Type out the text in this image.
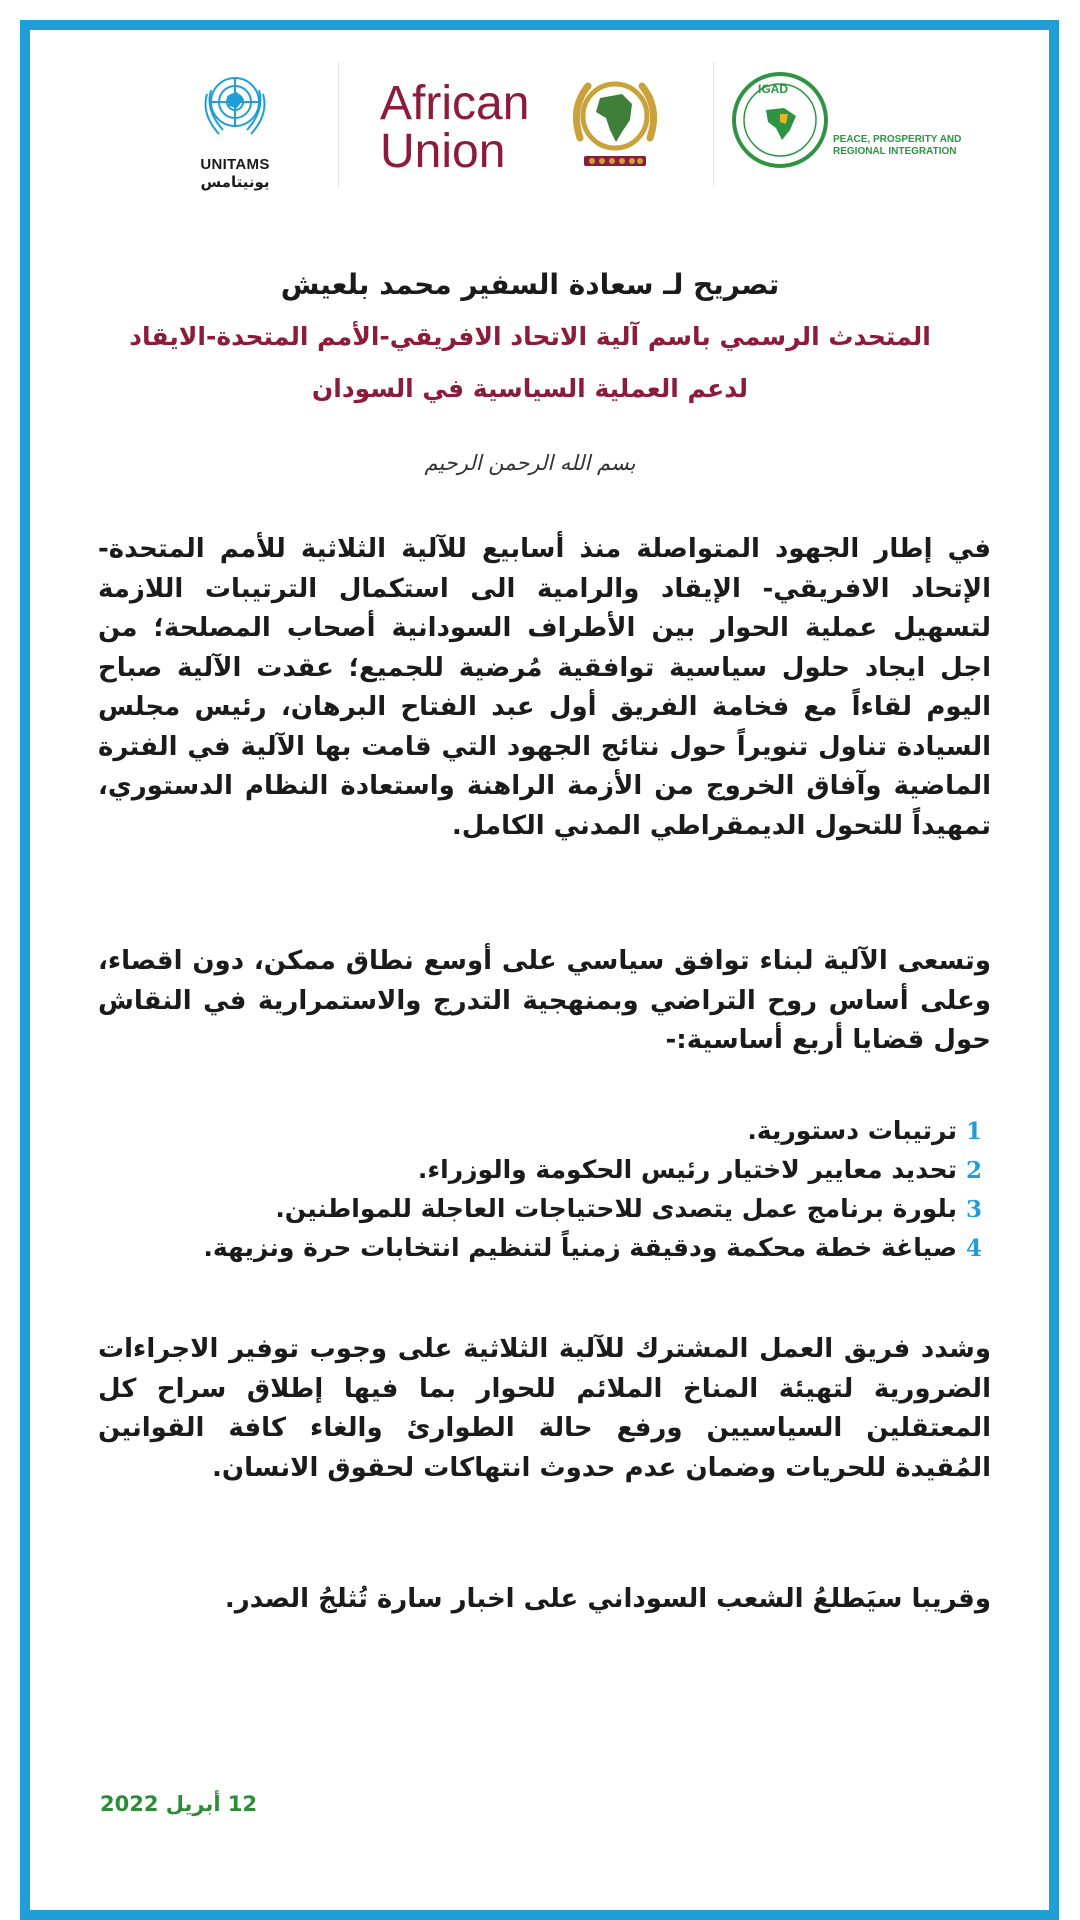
UNITAMS
يونيتامس
African
Union
IGAD
PEACE, PROSPERITY AND
REGIONAL INTEGRATION
تصريح لـ سعادة السفير محمد بلعيش
المتحدث الرسمي باسم آلية الاتحاد الافريقي-الأمم المتحدة-الايقاد
لدعم العملية السياسية في السودان
بسم الله الرحمن الرحيم
في إطار الجهود المتواصلة منذ أسابيع للآلية الثلاثية للأمم المتحدة-الإتحاد الافريقي- الإيقاد والرامية الى استكمال الترتيبات اللازمة لتسهيل عملية الحوار بين الأطراف السودانية أصحاب المصلحة؛ من اجل ايجاد حلول سياسية توافقية مُرضية للجميع؛ عقدت الآلية صباح اليوم لقاءاً مع فخامة الفريق أول عبد الفتاح البرهان، رئيس مجلس السيادة تناول تنويراً حول نتائج الجهود التي قامت بها الآلية في الفترة الماضية وآفاق الخروج من الأزمة الراهنة واستعادة النظام الدستوري، تمهيداً للتحول الديمقراطي المدني الكامل.
وتسعى الآلية لبناء توافق سياسي على أوسع نطاق ممكن، دون اقصاء، وعلى أساس روح التراضي وبمنهجية التدرج والاستمرارية في النقاش حول قضايا أربع أساسية:-
1
ترتيبات دستورية.
2
تحديد معايير لاختيار رئيس الحكومة والوزراء.
3
بلورة برنامج عمل يتصدى للاحتياجات العاجلة للمواطنين.
4
صياغة خطة محكمة ودقيقة زمنياً لتنظيم انتخابات حرة ونزيهة.
وشدد فريق العمل المشترك للآلية الثلاثية على وجوب توفير الاجراءات الضرورية لتهيئة المناخ الملائم للحوار بما فيها إطلاق سراح كل المعتقلين السياسيين ورفع حالة الطوارئ والغاء كافة القوانين المُقيدة للحريات وضمان عدم حدوث انتهاكات لحقوق الانسان.
وقريبا سيَطلعُ الشعب السوداني على اخبار سارة تُثلجُ الصدر.
12 أبريل 2022
